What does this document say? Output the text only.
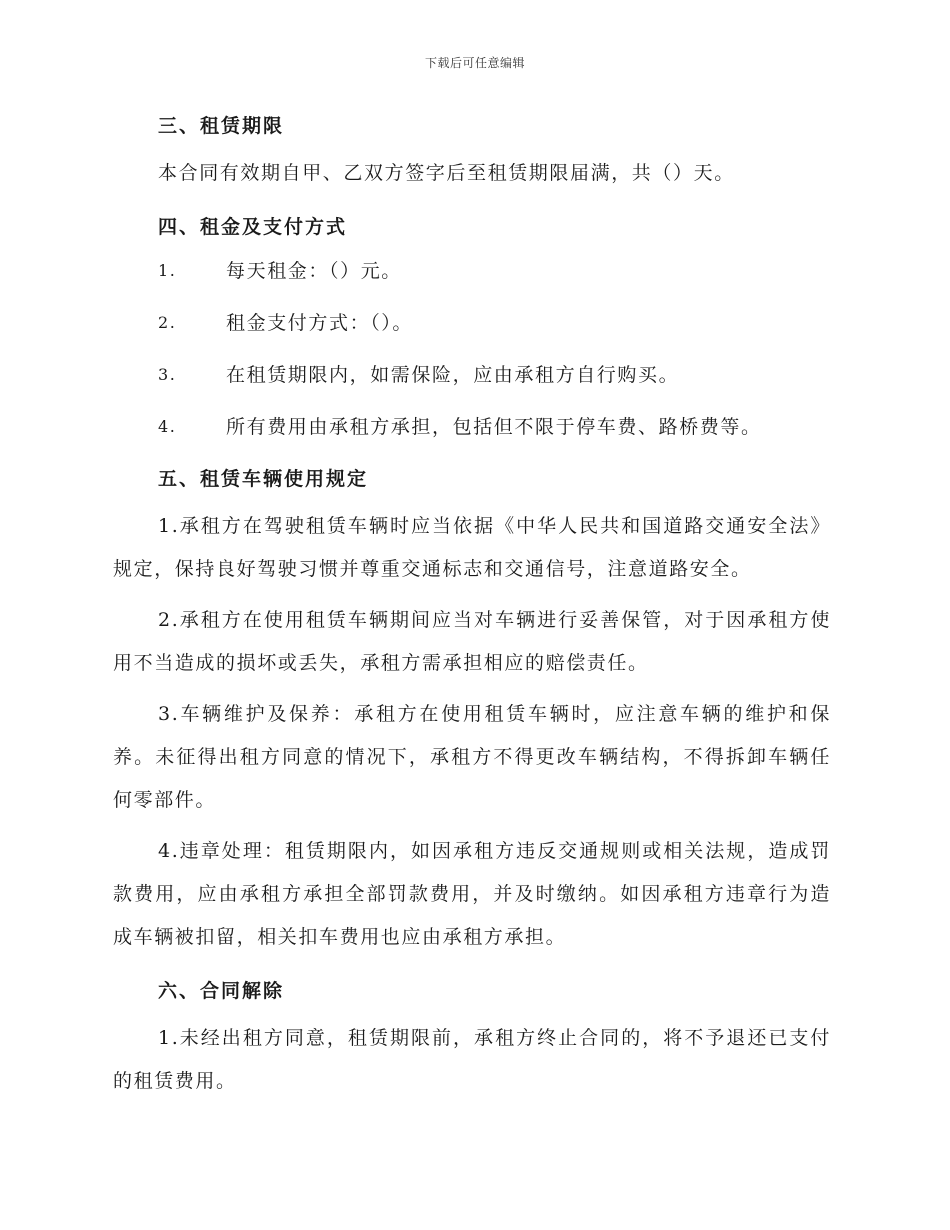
下载后可任意编辑

三、租赁期限

本合同有效期自甲、乙双方签字后至租赁期限届满，共（）天。

四、租金及支付方式

1.	每天租金：（）元。
2.	租金支付方式：（）。
3.	在租赁期限内，如需保险，应由承租方自行购买。
4.	所有费用由承租方承担，包括但不限于停车费、路桥费等。

五、租赁车辆使用规定

1.承租方在驾驶租赁车辆时应当依据《中华人民共和国道路交通安全法》规定，保持良好驾驶习惯并尊重交通标志和交通信号，注意道路安全。

2.承租方在使用租赁车辆期间应当对车辆进行妥善保管，对于因承租方使用不当造成的损坏或丢失，承租方需承担相应的赔偿责任。

3.车辆维护及保养：承租方在使用租赁车辆时，应注意车辆的维护和保养。未征得出租方同意的情况下，承租方不得更改车辆结构，不得拆卸车辆任何零部件。

4.违章处理：租赁期限内，如因承租方违反交通规则或相关法规，造成罚款费用，应由承租方承担全部罚款费用，并及时缴纳。如因承租方违章行为造成车辆被扣留，相关扣车费用也应由承租方承担。

六、合同解除

1.未经出租方同意，租赁期限前，承租方终止合同的，将不予退还已支付的租赁费用。
